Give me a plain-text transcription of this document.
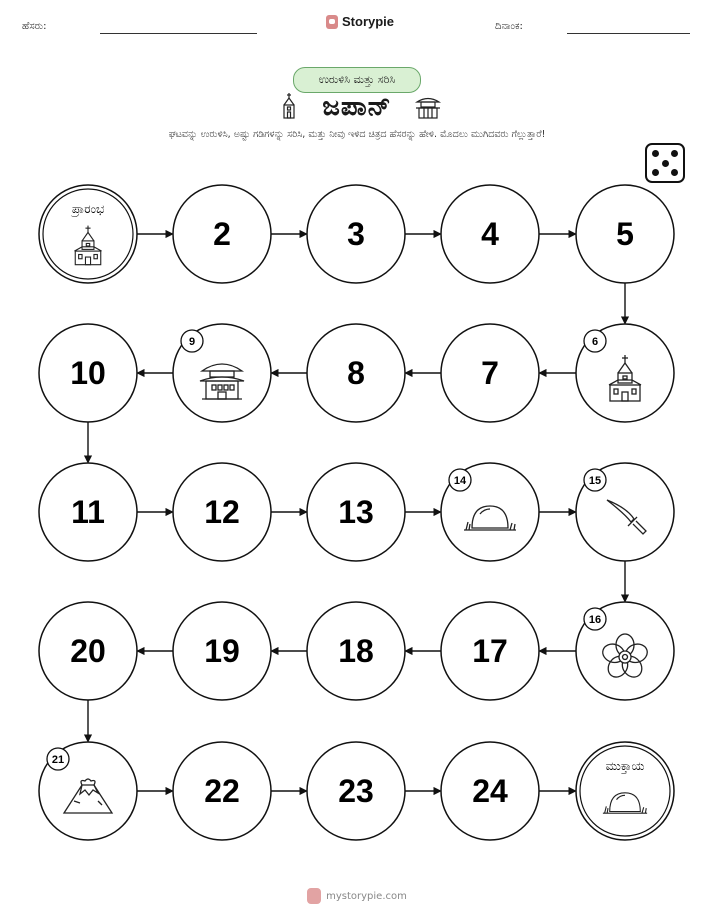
ಹೆಸರು:	Storypie	ದಿನಾಂಕ:
ಉರುಳಿಸಿ ಮತ್ತು ಸರಿಸಿ
ಜಪಾನ್
ಘಟವನ್ನು ಉರುಳಿಸಿ, ಅಷ್ಟು ಗಡಿಗಳನ್ನು ಸರಿಸಿ, ಮತ್ತು ನೀವು ಇಳಿದ ಚಿತ್ರದ ಹೆಸರನ್ನು ಹೇಳಿ. ಮೊದಲು ಮುಗಿದವರು ಗೆಲ್ಲುತ್ತಾರೆ!
ಪ್ರಾರಂಭ
2	3	4	5
6
7
8
9
10
11	12	13
14	15
16
17
18
19
20
21
22	23	24
ಮುಕ್ತಾಯ
mystorypie.com
